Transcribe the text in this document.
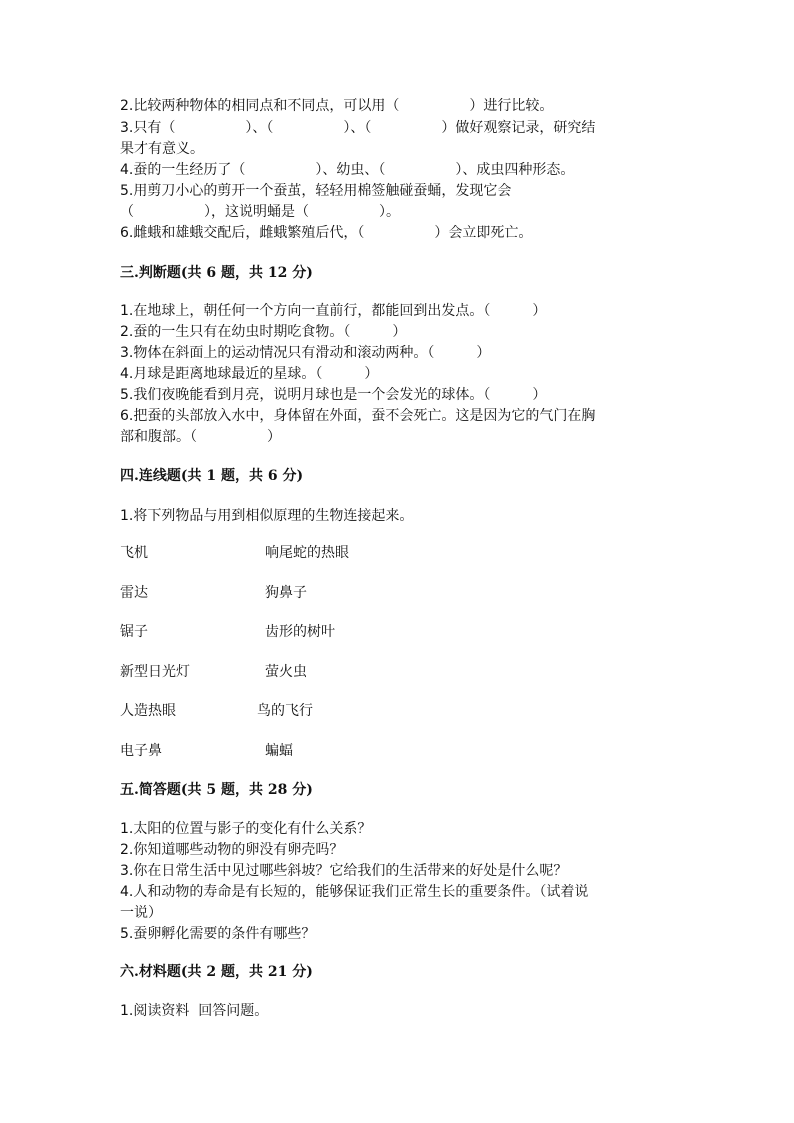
2.比较两种物体的相同点和不同点，可以用（　　　　　）进行比较。
3.只有（　　　　　）、（　　　　　）、（　　　　　）做好观察记录，研究结
果才有意义。
4.蚕的一生经历了（　　　　　）、幼虫、（　　　　　）、成虫四种形态。
5.用剪刀小心的剪开一个蚕茧，轻轻用棉签触碰蚕蛹，发现它会
（　　　　　），这说明蛹是（　　　　　）。
6.雌蛾和雄蛾交配后，雌蛾繁殖后代，（　　　　　）会立即死亡。
三.判断题(共 6 题，共 12 分)
1.在地球上，朝任何一个方向一直前行，都能回到出发点。（　　　）
2.蚕的一生只有在幼虫时期吃食物。（　　　）
3.物体在斜面上的运动情况只有滑动和滚动两种。（　　　）
4.月球是距离地球最近的星球。（　　　）
5.我们夜晚能看到月亮，说明月球也是一个会发光的球体。（　　　）
6.把蚕的头部放入水中，身体留在外面，蚕不会死亡。这是因为它的气门在胸
部和腹部。（　　　　　）
四.连线题(共 1 题，共 6 分)
1.将下列物品与用到相似原理的生物连接起来。
飞机	响尾蛇的热眼
雷达	狗鼻子
锯子	齿形的树叶
新型日光灯	萤火虫
人造热眼	鸟的飞行
电子鼻	蝙蝠
五.简答题(共 5 题，共 28 分)
1.太阳的位置与影子的变化有什么关系？
2.你知道哪些动物的卵没有卵壳吗？
3.你在日常生活中见过哪些斜坡？它给我们的生活带来的好处是什么呢？
4.人和动物的寿命是有长短的，能够保证我们正常生长的重要条件。（试着说
一说）
5.蚕卵孵化需要的条件有哪些？
六.材料题(共 2 题，共 21 分)
1.阅读资料  回答问题。
